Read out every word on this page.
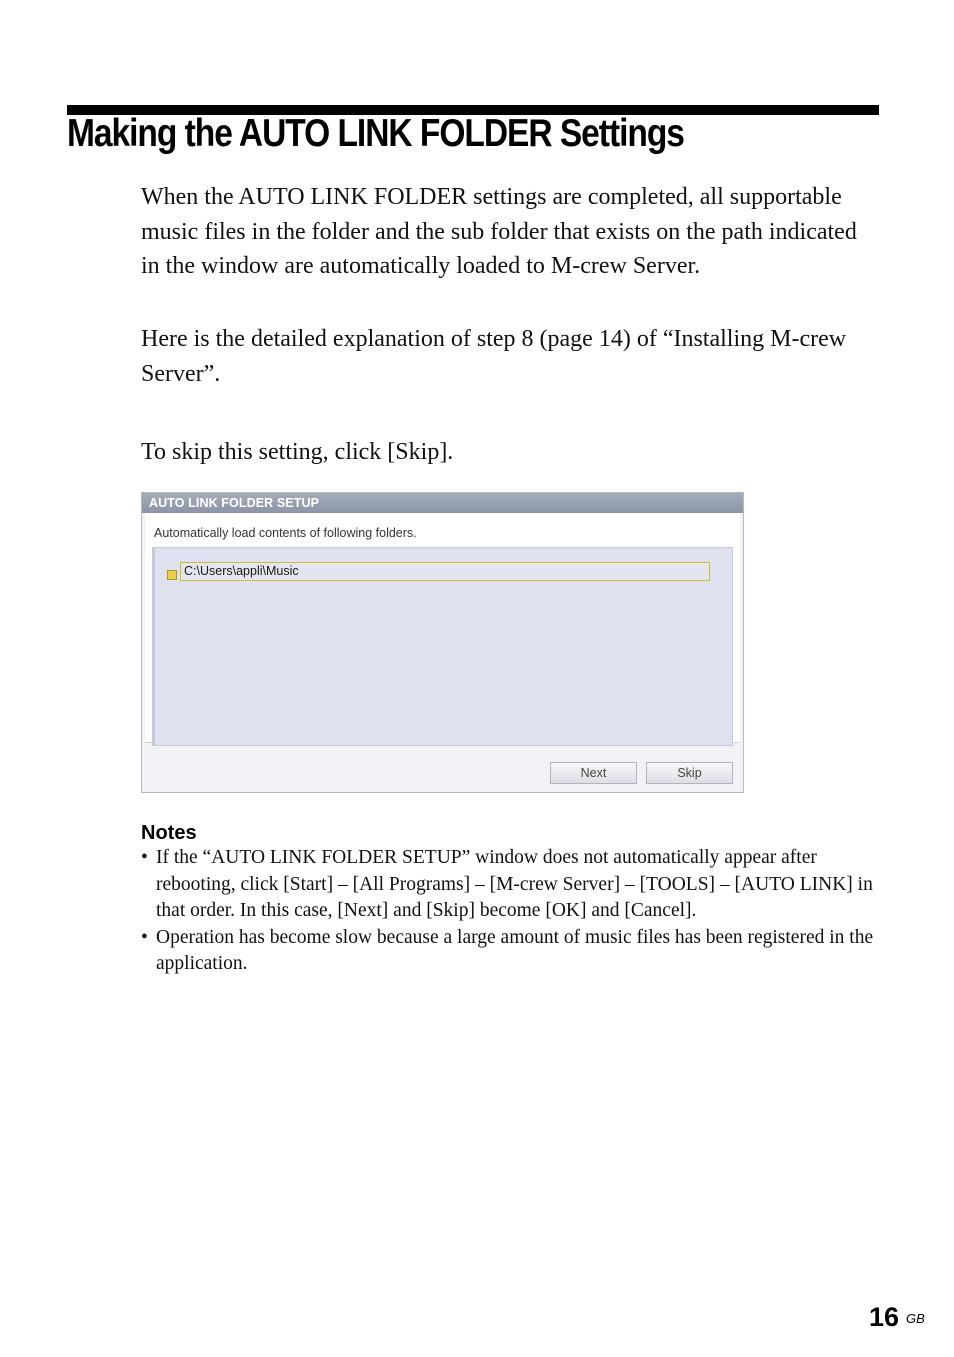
Making the AUTO LINK FOLDER Settings

When the AUTO LINK FOLDER settings are completed, all supportable music files in the folder and the sub folder that exists on the path indicated in the window are automatically loaded to M-crew Server.

Here is the detailed explanation of step 8 (page 14) of “Installing M-crew Server”.

To skip this setting, click [Skip].

AUTO LINK FOLDER SETUP
Automatically load contents of following folders.
C:\Users\appli\Music
Next	Skip
Notes
• If the “AUTO LINK FOLDER SETUP” window does not automatically appear after rebooting, click [Start] – [All Programs] – [M-crew Server] – [TOOLS] – [AUTO LINK] in that order. In this case, [Next] and [Skip] become [OK] and [Cancel].
• Operation has become slow because a large amount of music files has been registered in the application.
16 GB
